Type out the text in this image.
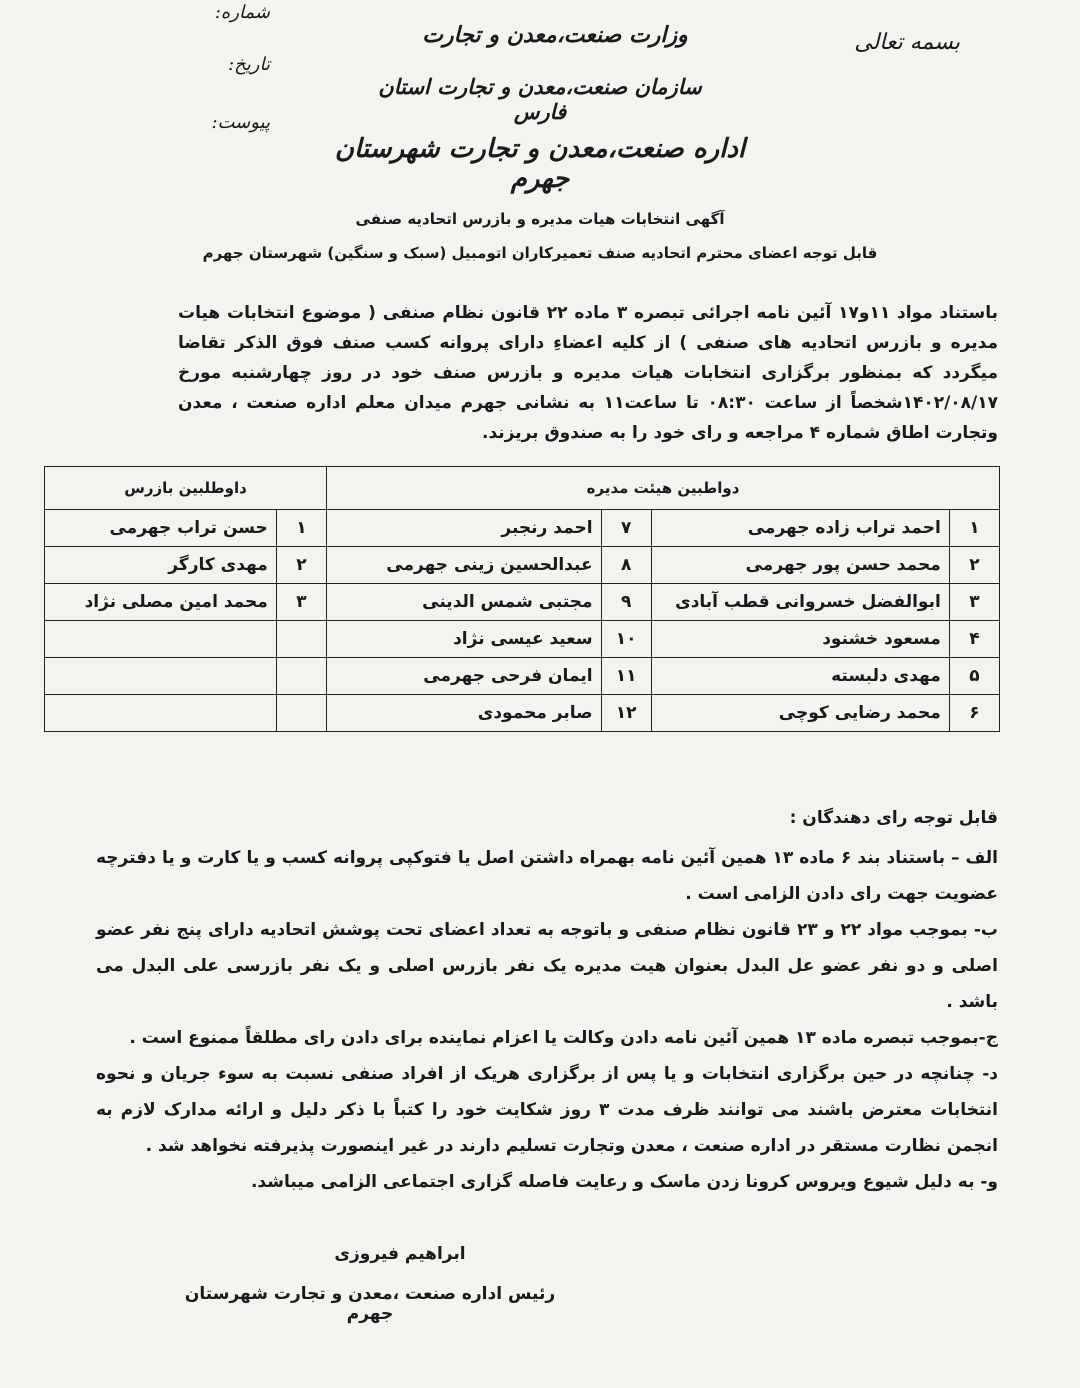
بسمه تعالی
وزارت صنعت،معدن و تجارت
سازمان صنعت،معدن و تجارت استان فارس
اداره صنعت،معدن و تجارت شهرستان جهرم
شماره:
تاریخ:
پیوست:
آگهی انتخابات هیات مدیره و بازرس اتحادیه صنفی
قابل توجه اعضای محترم اتحادیه صنف تعمیرکاران اتومبیل (سبک و سنگین) شهرستان جهرم
باستناد مواد ۱۱و۱۷ آئین نامه اجرائی تبصره ۳ ماده ۲۲ قانون نظام صنفی ( موضوع انتخابات هیات مدیره و بازرس اتحادیه های صنفی ) از کلیه اعضاءِ دارای پروانه کسب صنف فوق الذکر تقاضا میگردد که بمنظور برگزاری انتخابات هیات مدیره و بازرس صنف خود در روز چهارشنبه مورخ ۱۴۰۲/۰۸/۱۷شخصاً از ساعت ۰۸:۳۰ تا ساعت۱۱ به نشانی جهرم میدان معلم اداره صنعت ، معدن وتجارت اطاق شماره ۴ مراجعه و رای خود را به صندوق بریزند.
دواطبین هیئت مدیره				داوطلبین بازرس	
۱	احمد تراب زاده جهرمی	۷	احمد رنجبر	۱	حسن تراب جهرمی
۲	محمد حسن پور جهرمی	۸	عبدالحسین زینی جهرمی	۲	مهدی کارگر
۳	ابوالفضل خسروانی قطب آبادی	۹	مجتبی شمس الدینی	۳	محمد امین مصلی نژاد
۴	مسعود خشنود	۱۰	سعید عیسی نژاد		
۵	مهدی دلبسته	۱۱	ایمان فرحی جهرمی		
۶	محمد رضایی کوچی	۱۲	صابر محمودی		
قابل توجه رای دهندگان :

الف – باستناد بند ۶ ماده ۱۳ همین آئین نامه بهمراه داشتن اصل یا فتوکپی پروانه کسب و یا کارت و یا دفترچه عضویت جهت رای دادن الزامی است .

ب- بموجب مواد ۲۲ و ۲۳ قانون نظام صنفی و باتوجه به تعداد اعضای تحت پوشش اتحادیه دارای پنج نفر عضو اصلی و دو نفر عضو عل البدل بعنوان هیت مدیره یک نفر بازرس اصلی و یک نفر بازرسی علی البدل می باشد .

ج-بموجب تبصره ماده ۱۳ همین آئین نامه دادن وکالت یا اعزام نماینده برای دادن رای مطلقاً ممنوع است .

د- چنانچه در حین برگزاری انتخابات و یا پس از برگزاری هریک از افراد صنفی نسبت به سوء جریان و نحوه انتخابات معترض باشند می توانند ظرف مدت ۳ روز شکایت خود را کتباً با ذکر دلیل و ارائه مدارک لازم به انجمن نظارت مستقر در اداره صنعت ، معدن وتجارت تسلیم دارند در غیر اینصورت پذیرفته نخواهد شد .

و- به دلیل شیوع ویروس کرونا زدن ماسک و رعایت فاصله گزاری اجتماعی الزامی میباشد.

ابراهیم فیروزی
رئیس اداره صنعت ،معدن و تجارت شهرستان جهرم
